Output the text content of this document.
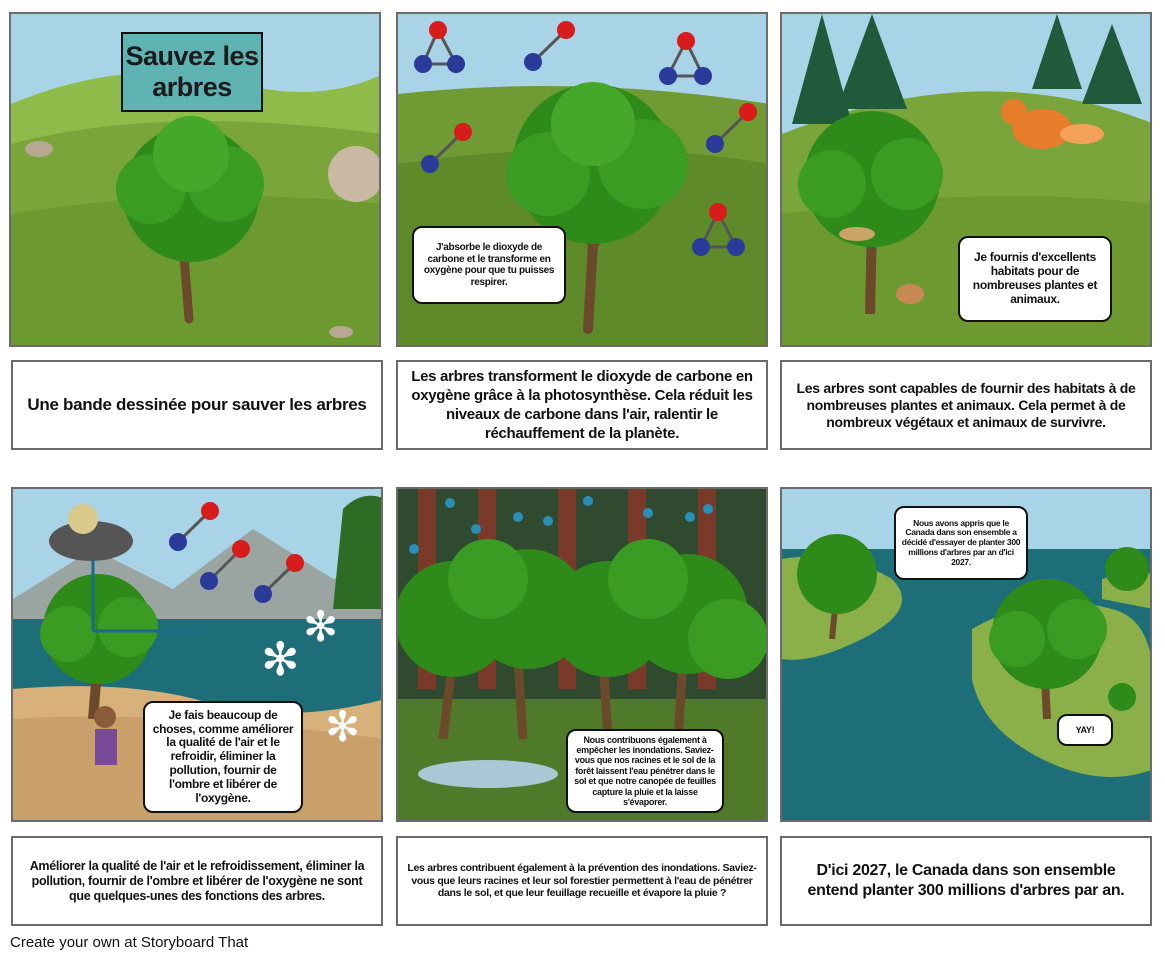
Sauvez les arbres
J'absorbe le dioxyde de carbone et le transforme en oxygène pour que tu puisses respirer.
Je fournis d'excellents habitats pour de nombreuses plantes et animaux.
Une bande dessinée pour sauver les arbres
Les arbres transforment le dioxyde de carbone en oxygène grâce à la photosynthèse. Cela réduit les niveaux de carbone dans l'air, ralentir le réchauffement de la planète.
Les arbres sont capables de fournir des habitats à de nombreuses plantes et animaux. Cela permet à de nombreux végétaux et animaux de survivre.
✻
✻
✻
Je fais beaucoup de choses, comme améliorer la qualité de l'air et le refroidir, éliminer la pollution, fournir de l'ombre et libérer de l'oxygène.
Nous contribuons également à empêcher les inondations. Saviez-vous que nos racines et le sol de la forêt laissent l'eau pénétrer dans le sol et que notre canopée de feuilles capture la pluie et la laisse s'évaporer.
Nous avons appris que le Canada dans son ensemble a décidé d'essayer de planter 300 millions d'arbres par an d'ici 2027.
YAY!
Améliorer la qualité de l'air et le refroidissement, éliminer la pollution, fournir de l'ombre et libérer de l'oxygène ne sont que quelques-unes des fonctions des arbres.
Les arbres contribuent également à la prévention des inondations. Saviez-vous que leurs racines et leur sol forestier permettent à l'eau de pénétrer dans le sol, et que leur feuillage recueille et évapore la pluie ?
D'ici 2027, le Canada dans son ensemble entend planter 300 millions d'arbres par an.
Create your own at Storyboard That
